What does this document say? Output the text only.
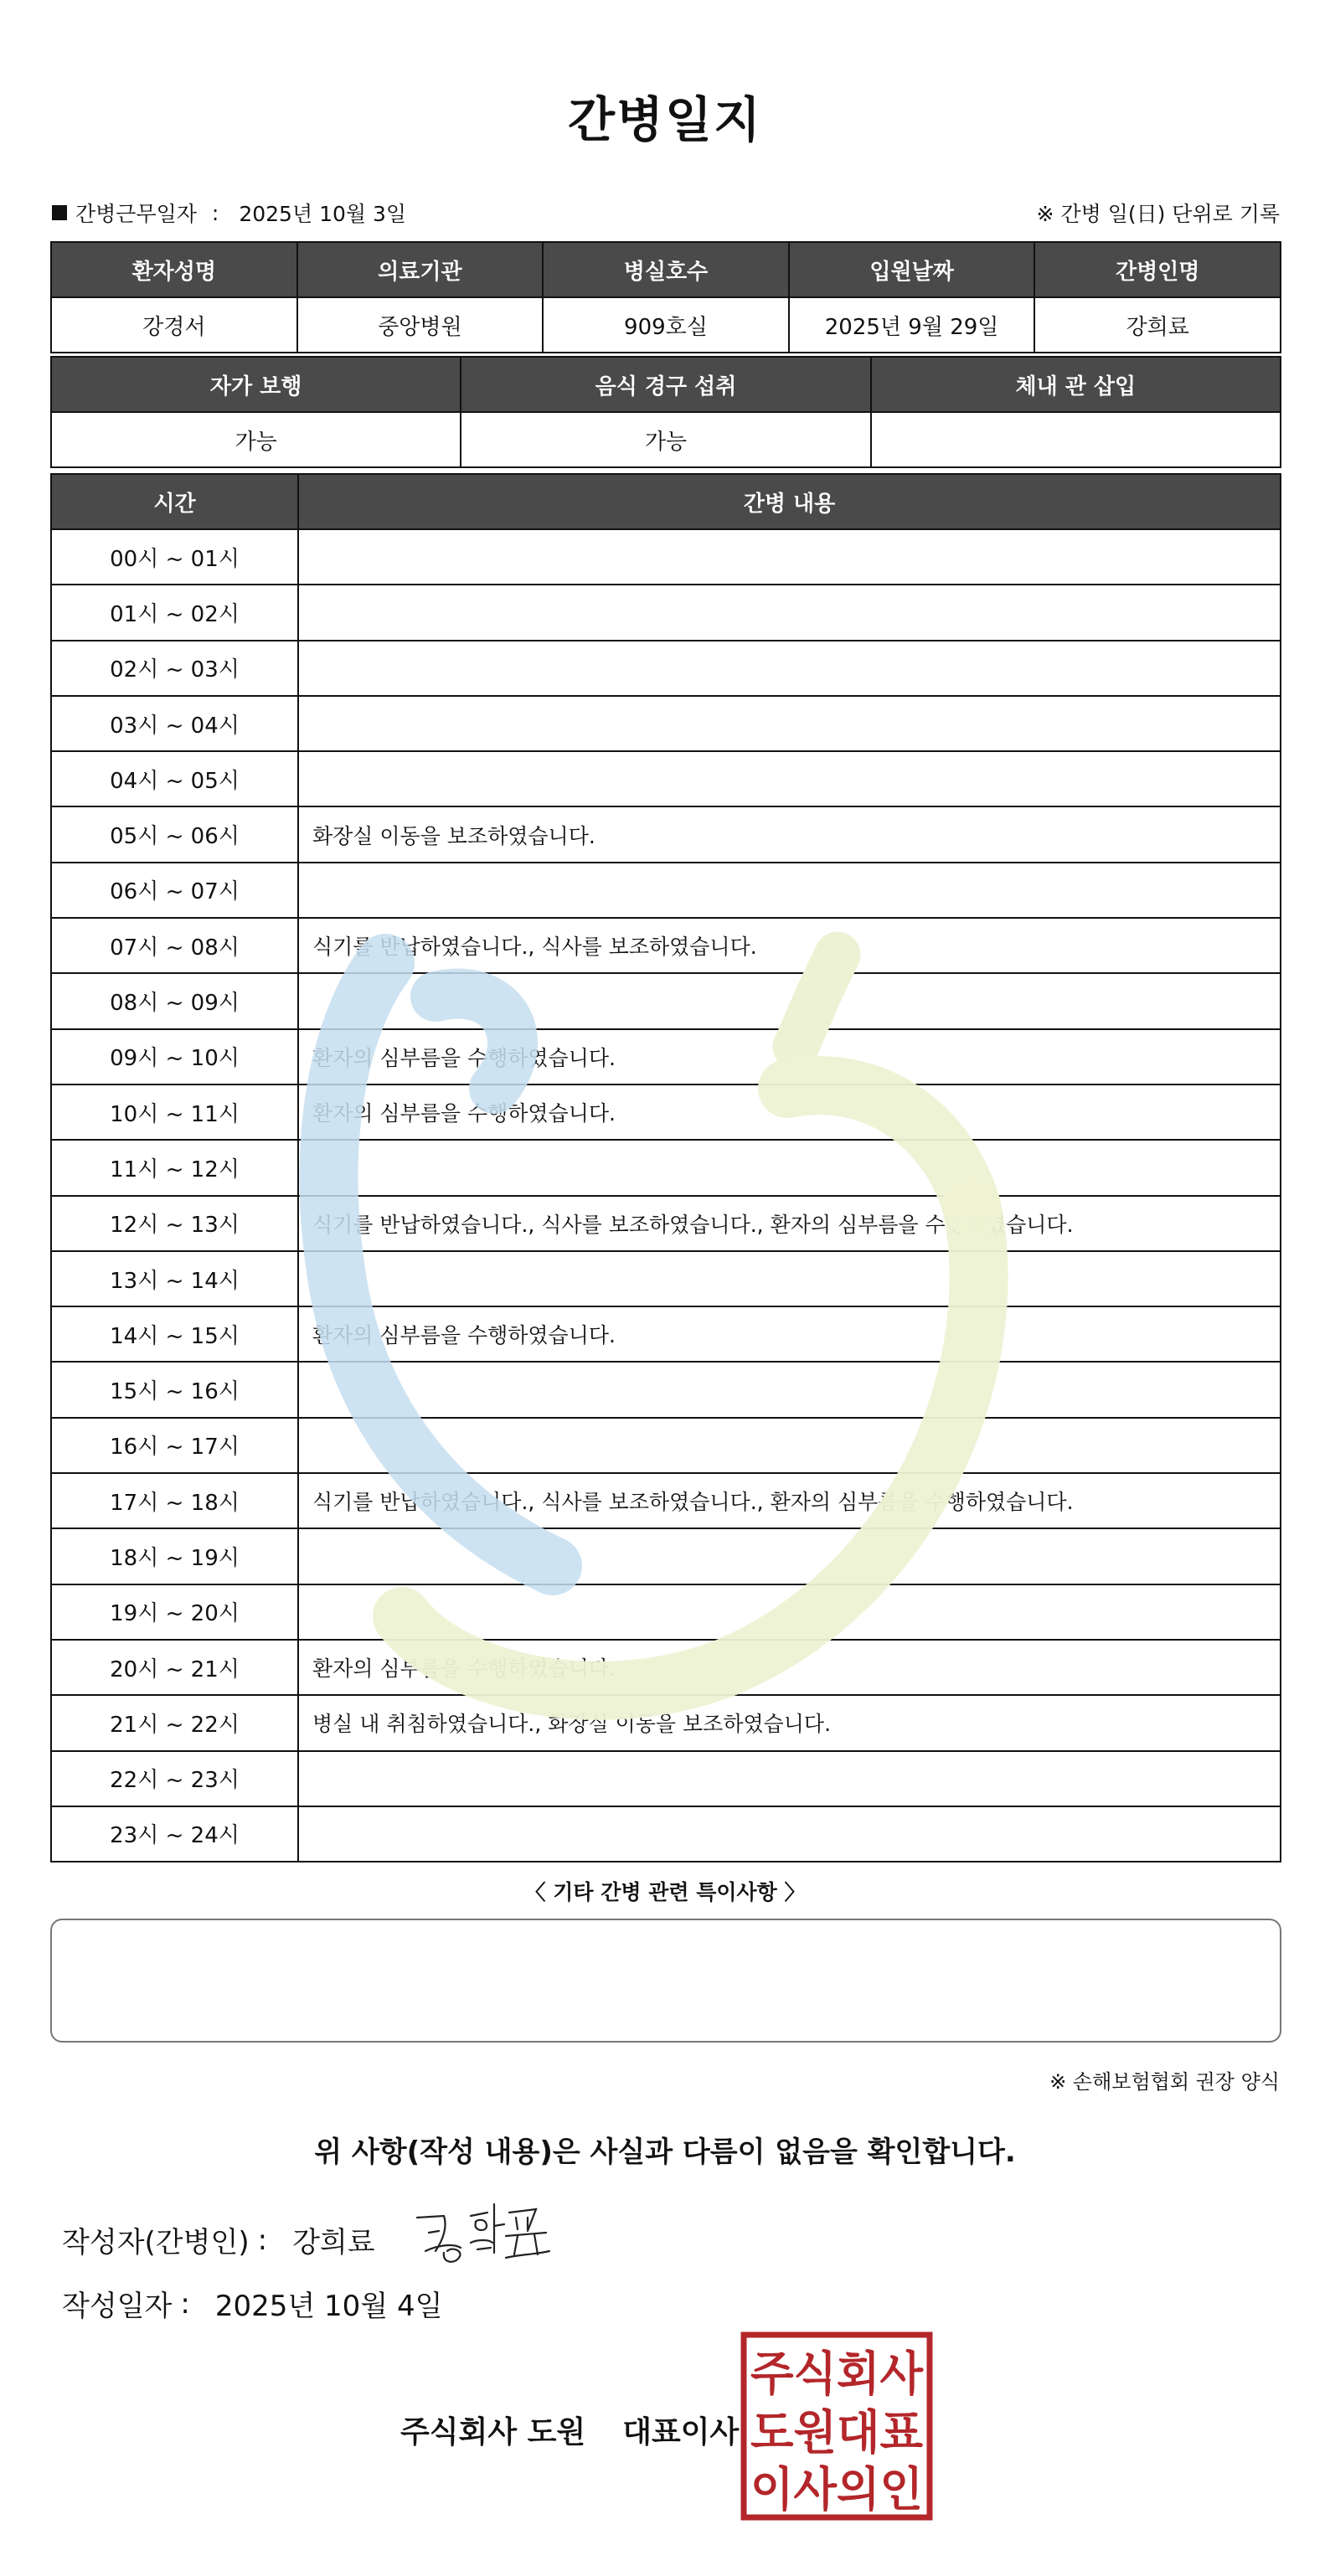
간병일지
간병근무일자 : 2025년 10월 3일	※ 간병 일(日) 단위로 기록
환자성명	의료기관	병실호수	입원날짜	간병인명
강경서	중앙병원	909호실	2025년 9월 29일	강희료
자가 보행	음식 경구 섭취	체내 관 삽입
가능	가능	
시간	간병 내용
00시 ~ 01시	
01시 ~ 02시	
02시 ~ 03시	
03시 ~ 04시	
04시 ~ 05시	
05시 ~ 06시	화장실 이동을 보조하였습니다.
06시 ~ 07시	
07시 ~ 08시	식기를 반납하였습니다., 식사를 보조하였습니다.
08시 ~ 09시	
09시 ~ 10시	환자의 심부름을 수행하였습니다.
10시 ~ 11시	환자의 심부름을 수행하였습니다.
11시 ~ 12시	
12시 ~ 13시	식기를 반납하였습니다., 식사를 보조하였습니다., 환자의 심부름을 수행하였습니다.
13시 ~ 14시	
14시 ~ 15시	환자의 심부름을 수행하였습니다.
15시 ~ 16시	
16시 ~ 17시	
17시 ~ 18시	식기를 반납하였습니다., 식사를 보조하였습니다., 환자의 심부름을 수행하였습니다.
18시 ~ 19시	
19시 ~ 20시	
20시 ~ 21시	환자의 심부름을 수행하였습니다.
21시 ~ 22시	병실 내 취침하였습니다., 화장실 이동을 보조하였습니다.
22시 ~ 23시	
23시 ~ 24시	
〈 기타 간병 관련 특이사항 〉
※ 손해보험협회 권장 양식
위 사항(작성 내용)은 사실과 다름이 없음을 확인합니다.
작성자(간병인) : 강희료
작성일자 : 2025년 10월 4일
주식회사 도원 대표이사
주식회사
도원대표
이사의인
